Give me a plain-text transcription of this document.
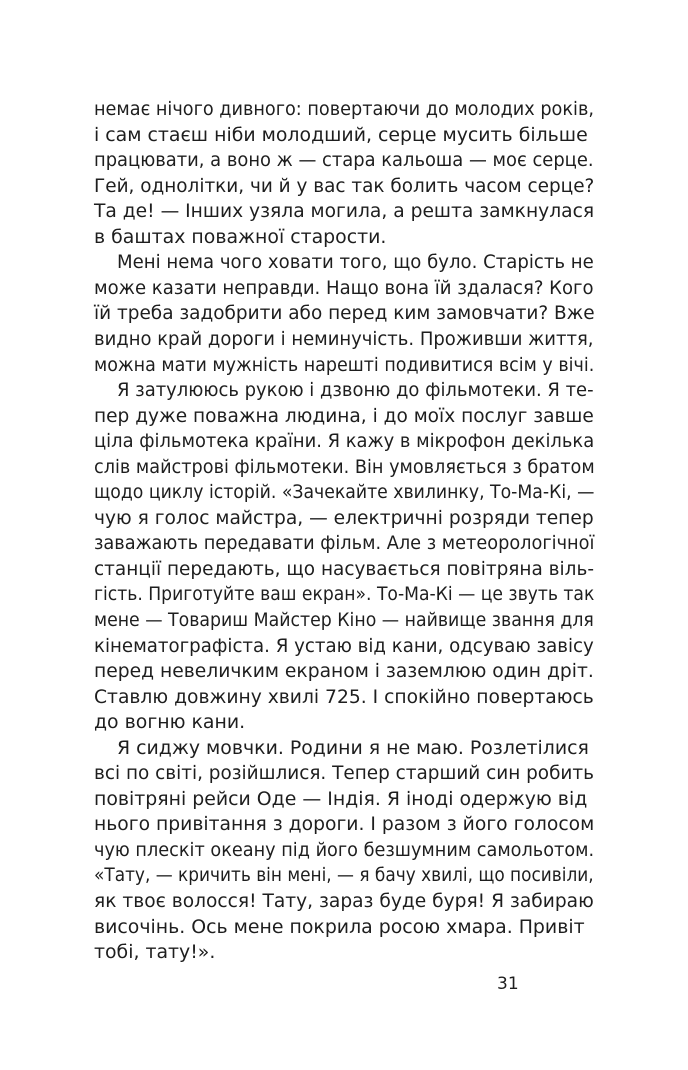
немає нічого дивного: повертаючи до молодих років,
і сам стаєш ніби молодший, серце мусить більше
працювати, а воно ж — стара кальоша — моє серце.
Гей, однолітки, чи й у вас так болить часом серце?
Та де! — Інших узяла могила, а решта замкнулася
в баштах поважної старости.
Мені нема чого ховати того, що було. Старість не
може казати неправди. Нащо вона їй здалася? Кого
їй треба задобрити або перед ким замовчати? Вже
видно край дороги і неминучість. Проживши життя,
можна мати мужність нарешті подивитися всім у вічі.
Я затулююсь рукою і дзвоню до фільмотеки. Я те-
пер дуже поважна людина, і до моїх послуг завше
ціла фільмотека країни. Я кажу в мікрофон декілька
слів майстрові фільмотеки. Він умовляється з братом
щодо циклу історій. «Зачекайте хвилинку, То-Ма-Кі, —
чую я голос майстра, — електричні розряди тепер
заважають передавати фільм. Але з метеорологічної
станції передають, що насувається повітряна віль-
гість. Приготуйте ваш екран». То-Ма-Кі — це звуть так
мене — Товариш Майстер Кіно — найвище звання для
кінематографіста. Я устаю від кани, одсуваю завісу
перед невеличким екраном і заземлюю один дріт.
Ставлю довжину хвилі 725. І спокійно повертаюсь
до вогню кани.
Я сиджу мовчки. Родини я не маю. Розлетілися
всі по світі, розійшлися. Тепер старший син робить
повітряні рейси Оде — Індія. Я іноді одержую від
нього привітання з дороги. І разом з його голосом
чую плескіт океану під його безшумним самольотом.
«Тату, — кричить він мені, — я бачу хвилі, що посивіли,
як твоє волосся! Тату, зараз буде буря! Я забираю
височінь. Ось мене покрила росою хмара. Привіт
тобі, тату!».
31
